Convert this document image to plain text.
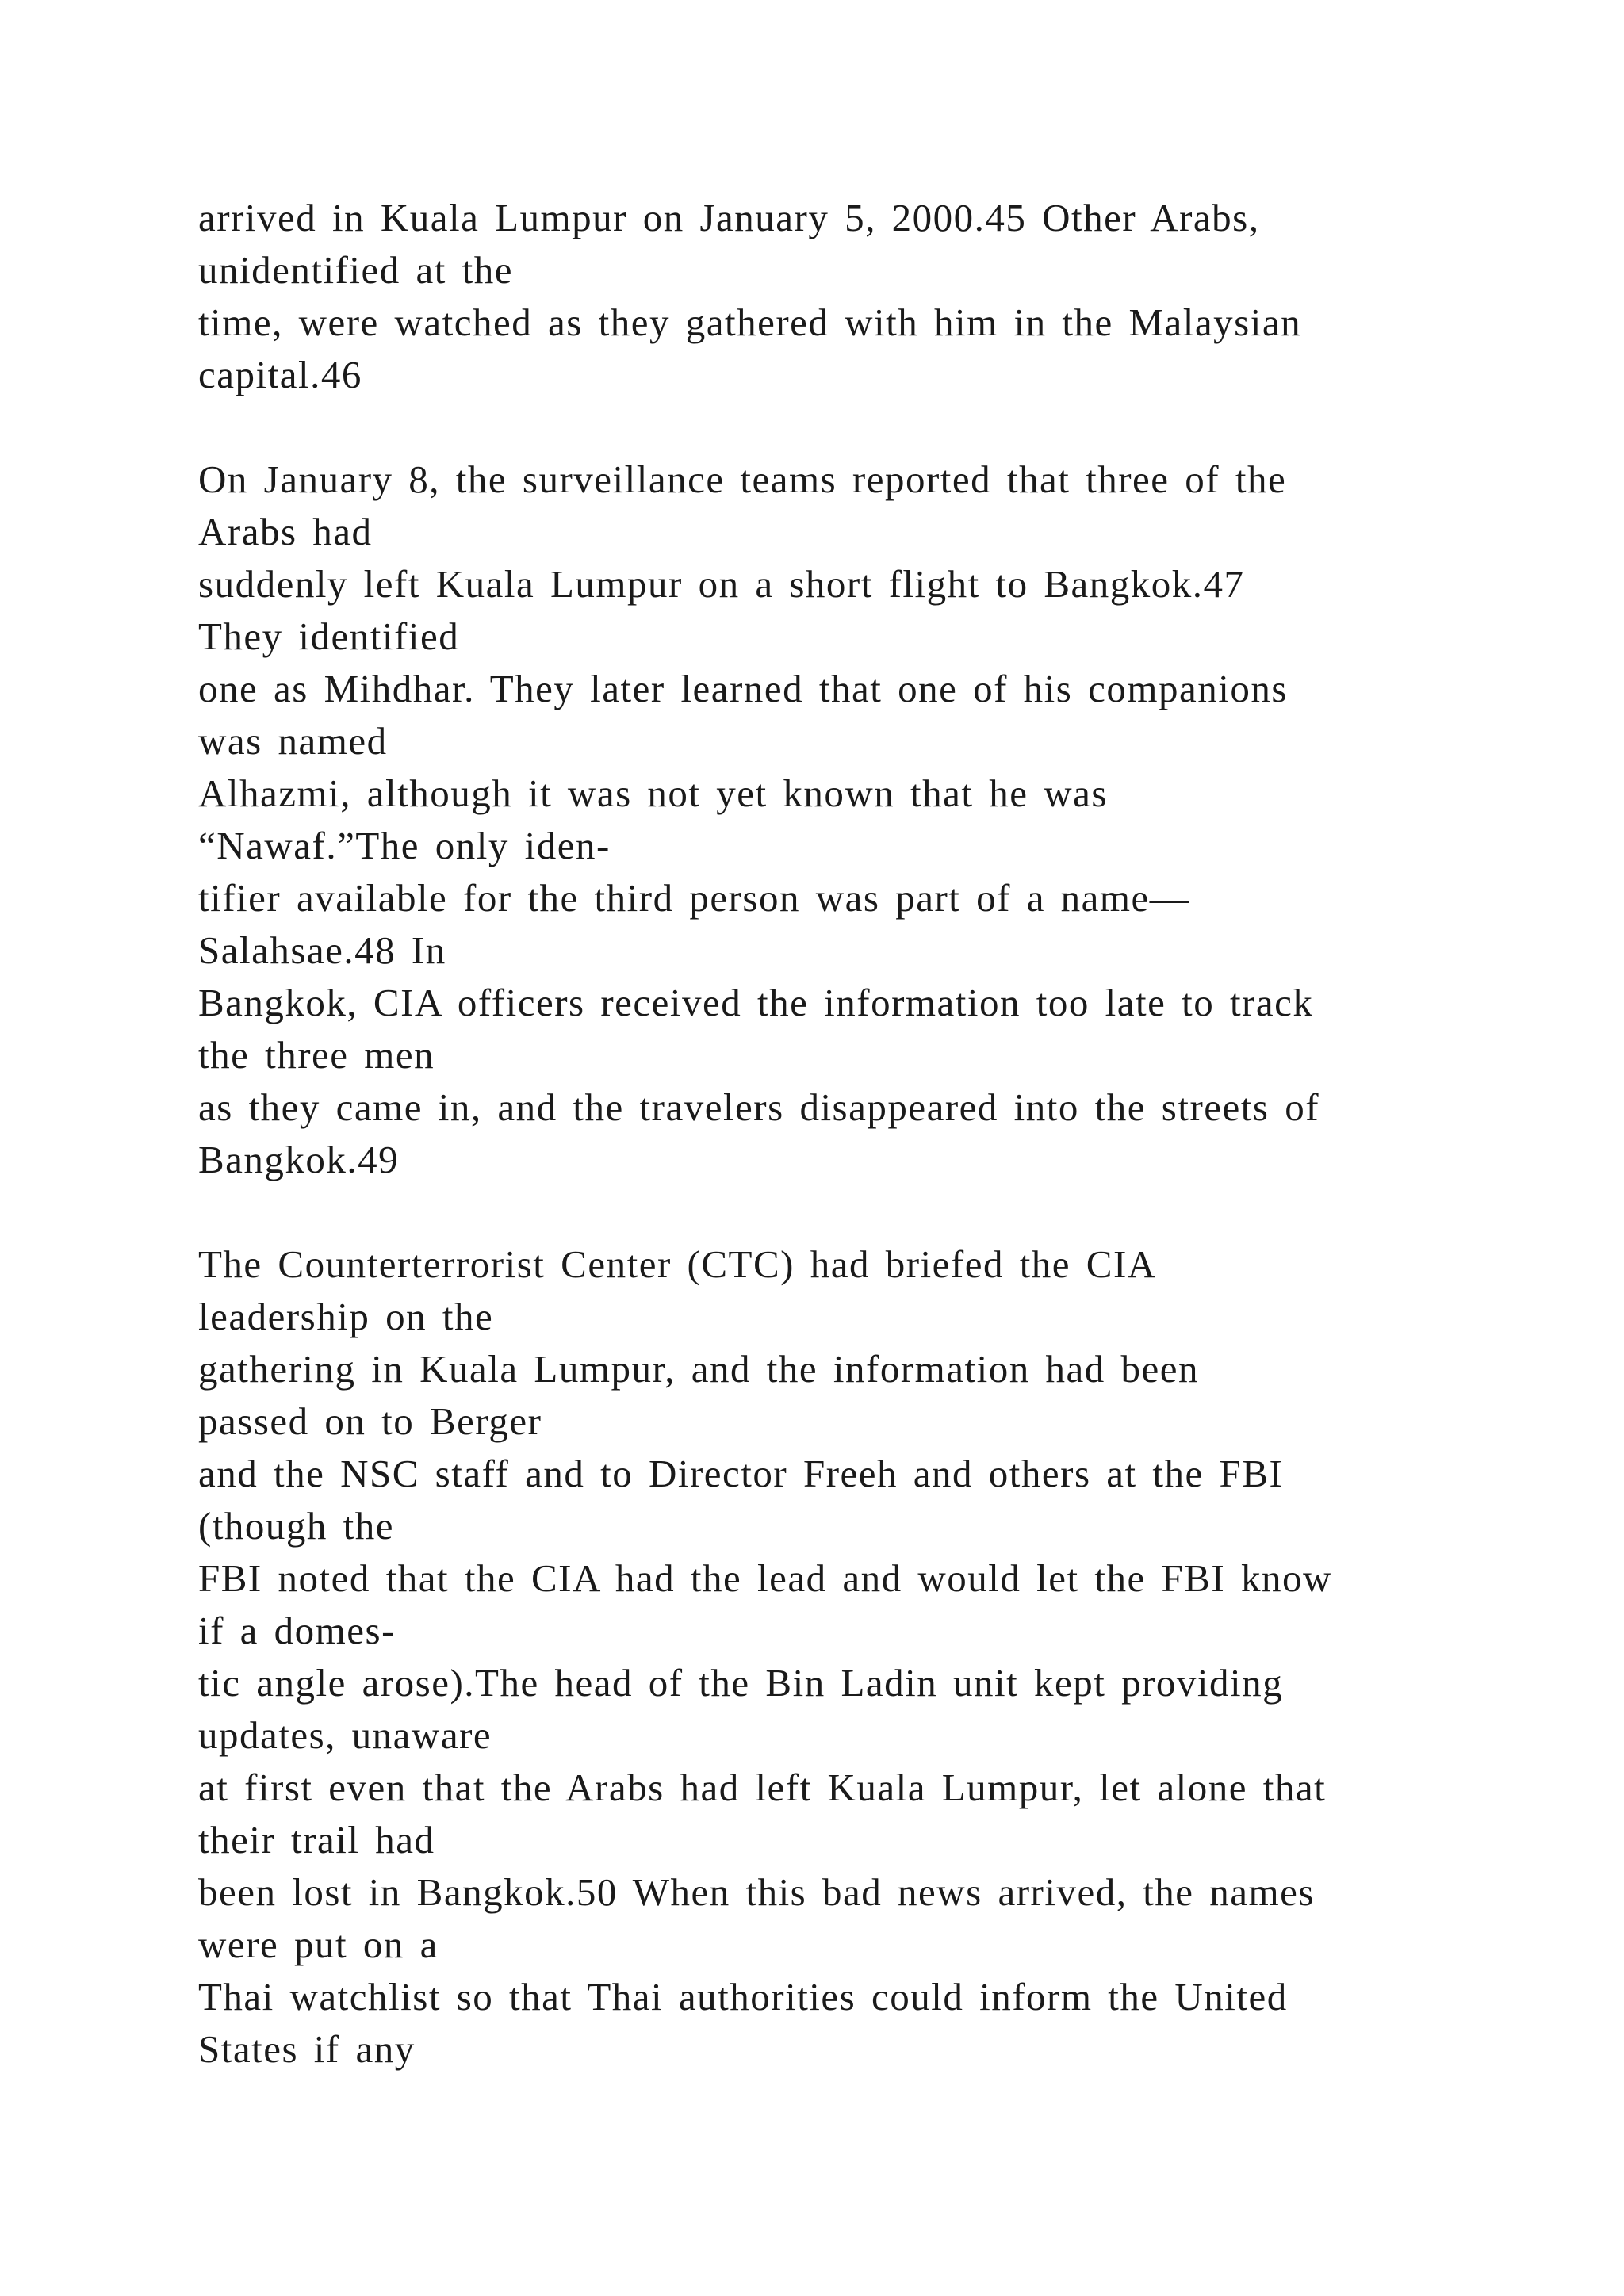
arrived in Kuala Lumpur on January 5, 2000.45 Other Arabs,
unidentified at the
time, were watched as they gathered with him in the Malaysian
capital.46
On January 8, the surveillance teams reported that three of the
Arabs had
suddenly left Kuala Lumpur on a short flight to Bangkok.47
They identified
one as Mihdhar. They later learned that one of his companions
was named
Alhazmi, although it was not yet known that he was
“Nawaf.”The only iden-
tifier available for the third person was part of a name—
Salahsae.48 In
Bangkok, CIA officers received the information too late to track
the three men
as they came in, and the travelers disappeared into the streets of
Bangkok.49
The Counterterrorist Center (CTC) had briefed the CIA
leadership on the
gathering in Kuala Lumpur, and the information had been
passed on to Berger
and the NSC staff and to Director Freeh and others at the FBI
(though the
FBI noted that the CIA had the lead and would let the FBI know
if a domes-
tic angle arose).The head of the Bin Ladin unit kept providing
updates, unaware
at first even that the Arabs had left Kuala Lumpur, let alone that
their trail had
been lost in Bangkok.50 When this bad news arrived, the names
were put on a
Thai watchlist so that Thai authorities could inform the United
States if any
